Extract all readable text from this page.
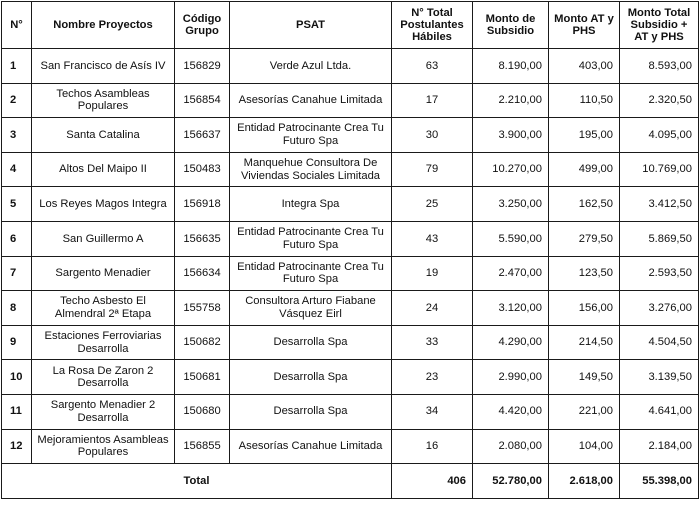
N°	Nombre Proyectos	Código Grupo	PSAT	N° Total Postulantes Hábiles	Monto de Subsidio	Monto AT y PHS	Monto Total Subsidio + AT y PHS
1	San Francisco de Asís IV	156829	Verde Azul Ltda.	63	8.190,00	403,00	8.593,00
2	Techos Asambleas Populares	156854	Asesorías Canahue Limitada	17	2.210,00	110,50	2.320,50
3	Santa Catalina	156637	Entidad Patrocinante Crea Tu Futuro Spa	30	3.900,00	195,00	4.095,00
4	Altos Del Maipo II	150483	Manquehue Consultora De Viviendas Sociales Limitada	79	10.270,00	499,00	10.769,00
5	Los Reyes Magos Integra	156918	Integra Spa	25	3.250,00	162,50	3.412,50
6	San Guillermo A	156635	Entidad Patrocinante Crea Tu Futuro Spa	43	5.590,00	279,50	5.869,50
7	Sargento Menadier	156634	Entidad Patrocinante Crea Tu Futuro Spa	19	2.470,00	123,50	2.593,50
8	Techo Asbesto El Almendral 2ª Etapa	155758	Consultora Arturo Fiabane Vásquez Eirl	24	3.120,00	156,00	3.276,00
9	Estaciones Ferroviarias Desarrolla	150682	Desarrolla Spa	33	4.290,00	214,50	4.504,50
10	La Rosa De Zaron 2 Desarrolla	150681	Desarrolla Spa	23	2.990,00	149,50	3.139,50
11	Sargento Menadier 2 Desarrolla	150680	Desarrolla Spa	34	4.420,00	221,00	4.641,00
12	Mejoramientos Asambleas Populares	156855	Asesorías Canahue Limitada	16	2.080,00	104,00	2.184,00
Total				406	52.780,00	2.618,00	55.398,00
